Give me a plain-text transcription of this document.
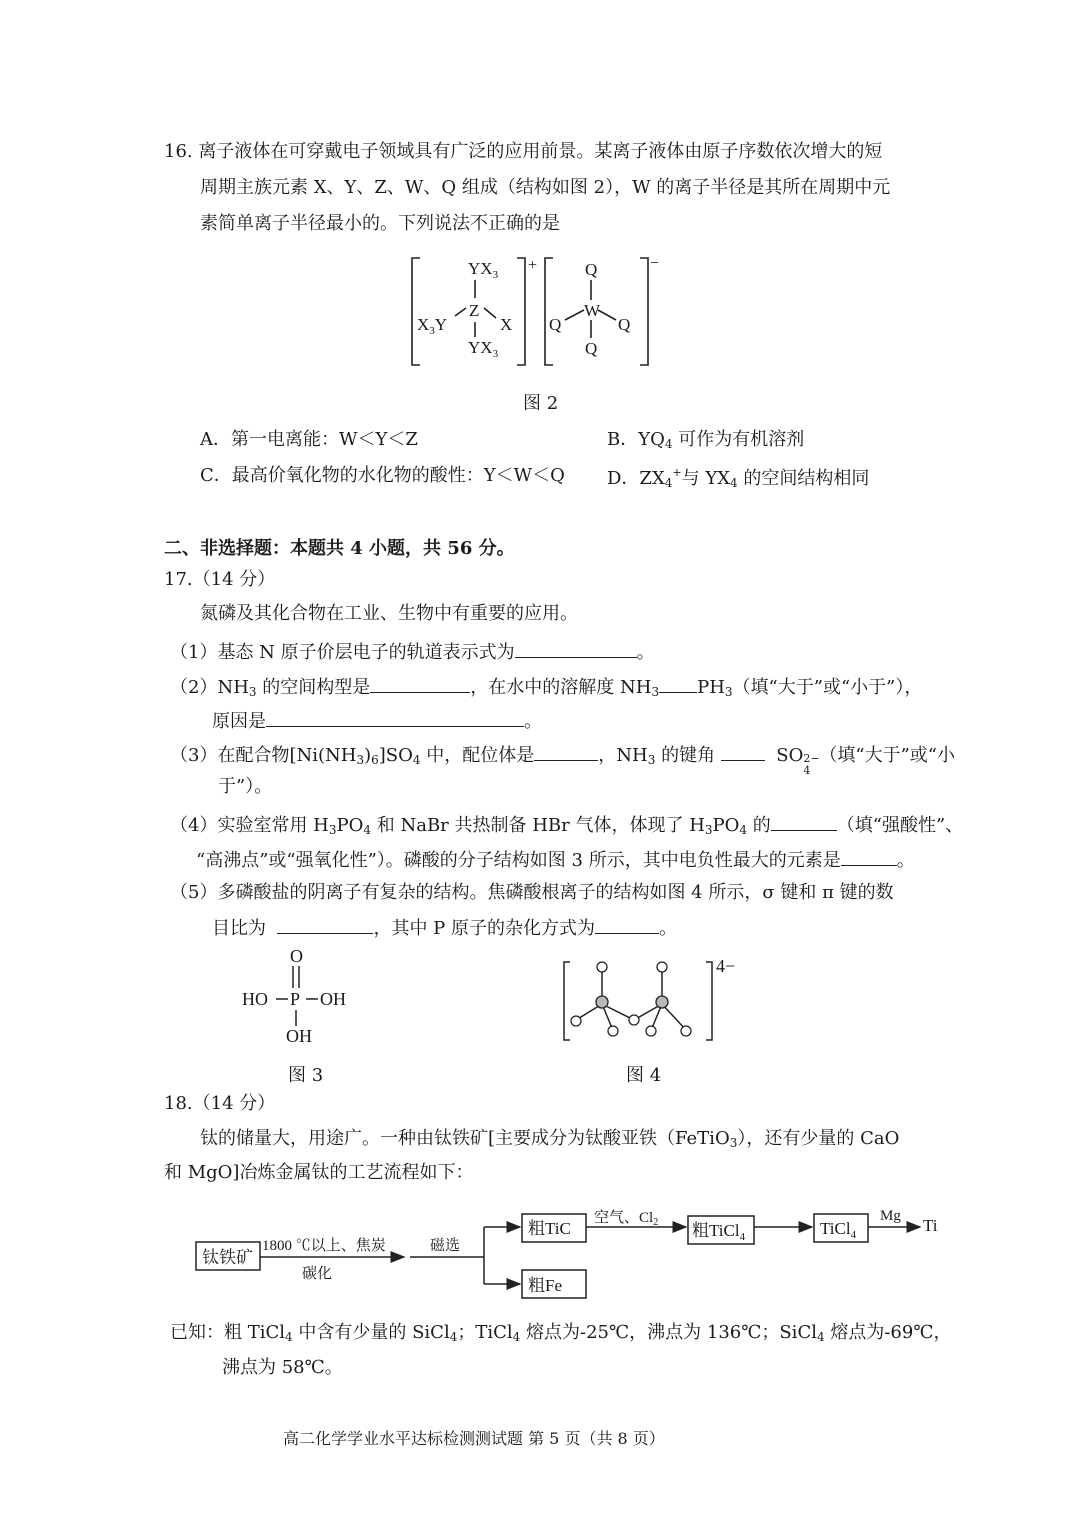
16. 离子液体在可穿戴电子领域具有广泛的应用前景。某离子液体由原子序数依次增大的短
周期主族元素 X、Y、Z、W、Q 组成（结构如图 2），W 的离子半径是其所在周期中元
素简单离子半径最小的。下列说法不正确的是
$YX_3$
Z
$X_3Y$	X
$YX_3$
+	Q
W
Q	Q
Q
−
图 2
A．第一电离能：W＜Y＜Z	B．$YQ_4$ 可作为有机溶剂
C．最高价氧化物的水化物的酸性：Y＜W＜Q D．$ZX_4^+$与 $YX_4$ 的空间结构相同
二、非选择题：本题共 4 小题，共 56 分。
17.（14 分）
氮磷及其化合物在工业、生物中有重要的应用。
（1）基态 N 原子价层电子的轨道表示式为	。
$(2)NH_3$ 的空间构型是	，在水中的溶解度 $NH_3$ $PH_3$（填“大于”或“小于”），
原因是	。
（3）在配合物$[Ni(NH_3)_6]SO_4$ 中，配位体是	，$NH_3$ 的键角	SO 2−
4
（填“大于”或“小
于”）。
（4）实验室常用 $H_3PO_4$ 和 NaBr 共热制备 HBr 气体，体现了 $H_3PO_4$ 的	（填“强酸性”、
“高沸点”或“强氧化性”）。磷酸的分子结构如图 3 所示，其中电负性最大的元素是	。
（5）多磷酸盐的阴离子有复杂的结构。焦磷酸根离子的结构如图 4 所示，σ 键和 π 键的数
目比为	，其中 P 原子的杂化方式为	。
O
HO P OH
OH
图 3
4−
图 4
18.（14 分）
钛的储量大，用途广。一种由钛铁矿[主要成分为钛酸亚铁（FeTiO$_3$），还有少量的 CaO
和 MgO]冶炼金属钛的工艺流程如下：
钛铁矿
1800 ℃以上、焦炭
碳化
磁选
粗TiC
空气、$Cl_2$ 粗TiCl$_4$	TiCl$_4$
Mg Ti
粗Fe
已知：粗 TiCl$_4$ 中含有少量的 SiCl$_4$；TiCl$_4$ 熔点为-25℃，沸点为 136℃；SiCl$_4$ 熔点为-69℃，
沸点为 58℃。
高二化学学业水平达标检测测试题 第 5 页（共 8 页）
